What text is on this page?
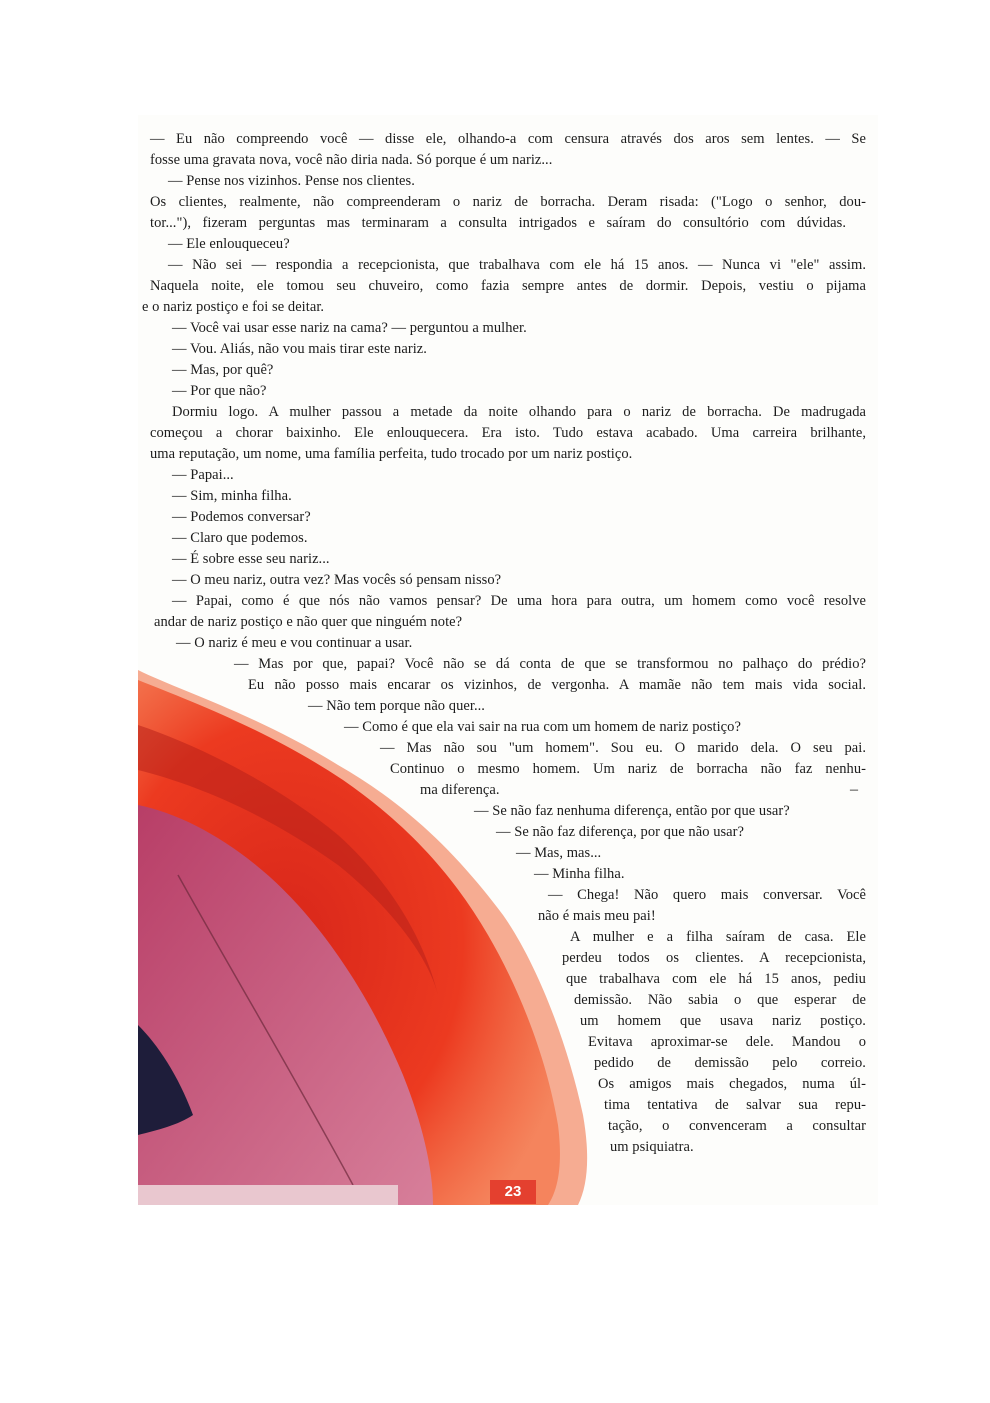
— Eu não compreendo você — disse ele, olhando-a com censura através dos aros sem lentes. — Se
fosse uma gravata nova, você não diria nada. Só porque é um nariz...
— Pense nos vizinhos. Pense nos clientes.
Os clientes, realmente, não compreenderam o nariz de borracha. Deram risada: ("Logo o senhor, dou-
tor..."), fizeram perguntas mas terminaram a consulta intrigados e saíram do consultório com dúvidas.
— Ele enlouqueceu?
— Não sei — respondia a recepcionista, que trabalhava com ele há 15 anos. — Nunca vi "ele" assim.
Naquela noite, ele tomou seu chuveiro, como fazia sempre antes de dormir. Depois, vestiu o pijama
e o nariz postiço e foi se deitar.
— Você vai usar esse nariz na cama? — perguntou a mulher.
— Vou. Aliás, não vou mais tirar este nariz.
— Mas, por quê?
— Por que não?
Dormiu logo. A mulher passou a metade da noite olhando para o nariz de borracha. De madrugada
começou a chorar baixinho. Ele enlouquecera. Era isto. Tudo estava acabado. Uma carreira brilhante,
uma reputação, um nome, uma família perfeita, tudo trocado por um nariz postiço.
— Papai...
— Sim, minha filha.
— Podemos conversar?
— Claro que podemos.
— É sobre esse seu nariz...
— O meu nariz, outra vez? Mas vocês só pensam nisso?
— Papai, como é que nós não vamos pensar? De uma hora para outra, um homem como você resolve
andar de nariz postiço e não quer que ninguém note?
— O nariz é meu e vou continuar a usar.
— Mas por que, papai? Você não se dá conta de que se transformou no palhaço do prédio?
Eu não posso mais encarar os vizinhos, de vergonha. A mamãe não tem mais vida social.
— Não tem porque não quer...
— Como é que ela vai sair na rua com um homem de nariz postiço?
— Mas não sou "um homem". Sou eu. O marido dela. O seu pai.
Continuo o mesmo homem. Um nariz de borracha não faz nenhu-
ma diferença.
— Se não faz nenhuma diferença, então por que usar?
— Se não faz diferença, por que não usar?
— Mas, mas...
— Minha filha.
— Chega! Não quero mais conversar. Você
não é mais meu pai!
A mulher e a filha saíram de casa. Ele
perdeu todos os clientes. A recepcionista,
que trabalhava com ele há 15 anos, pediu
demissão. Não sabia o que esperar de
um homem que usava nariz postiço.
Evitava aproximar-se dele. Mandou o
pedido de demissão pelo correio.
Os amigos mais chegados, numa úl-
tima tentativa de salvar sua repu-
tação, o convenceram a consultar
um psiquiatra.
–
23
